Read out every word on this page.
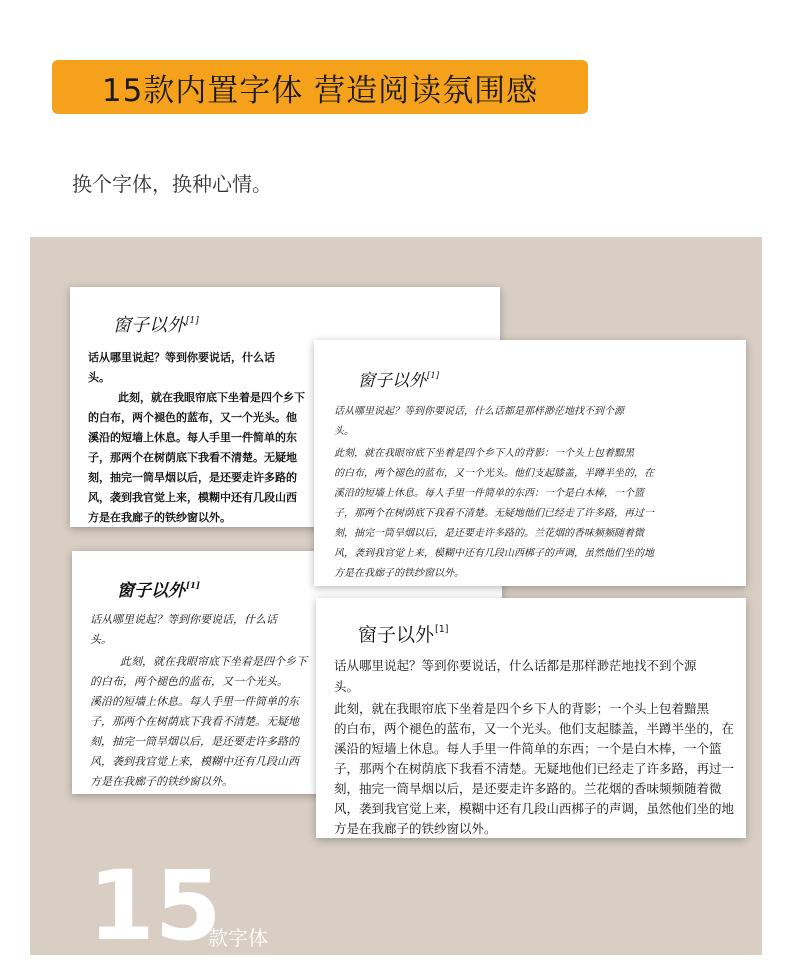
15款内置字体 营造阅读氛围感
换个字体，换种心情。
窗子以外[1]
话从哪里说起？等到你要说话，什么话
头。
此刻，就在我眼帘底下坐着是四个乡下
的白布，两个褪色的蓝布，又一个光头。他
溪沿的短墙上休息。每人手里一件简单的东
子，那两个在树荫底下我看不清楚。无疑地
刻，抽完一筒旱烟以后，是还要走许多路的
风，袭到我官觉上来，模糊中还有几段山西
方是在我廊子的铁纱窗以外。
窗子以外[1]
话从哪里说起？等到你要说话，什么话
头。
此刻，就在我眼帘底下坐着是四个乡下
的白布，两个褪色的蓝布，又一个光头。
溪沿的短墙上休息。每人手里一件简单的东
子，那两个在树荫底下我看不清楚。无疑地
刻，抽完一筒旱烟以后，是还要走许多路的
风，袭到我官觉上来，模糊中还有几段山西
方是在我廊子的铁纱窗以外。
窗子以外[1]
话从哪里说起？等到你要说话，什么话都是那样渺茫地找不到个源
头。
此刻，就在我眼帘底下坐着是四个乡下人的背影：一个头上包着黯黑
的白布，两个褪色的蓝布，又一个光头。他们支起膝盖，半蹲半坐的，在
溪沿的短墙上休息。每人手里一件简单的东西：一个是白木棒，一个篮
子，那两个在树荫底下我看不清楚。无疑地他们已经走了许多路，再过一
刻，抽完一筒旱烟以后，是还要走许多路的。兰花烟的香味频频随着微
风，袭到我官觉上来，模糊中还有几段山西梆子的声调，虽然他们坐的地
方是在我廊子的铁纱窗以外。
窗子以外[1]
话从哪里说起？等到你要说话，什么话都是那样渺茫地找不到个源
头。
此刻，就在我眼帘底下坐着是四个乡下人的背影；一个头上包着黯黑
的白布，两个褪色的蓝布，又一个光头。他们支起膝盖，半蹲半坐的，在
溪沿的短墙上休息。每人手里一件简单的东西；一个是白木棒，一个篮
子，那两个在树荫底下我看不清楚。无疑地他们已经走了许多路，再过一
刻，抽完一筒旱烟以后，是还要走许多路的。兰花烟的香味频频随着微
风，袭到我官觉上来，模糊中还有几段山西梆子的声调，虽然他们坐的地
方是在我廊子的铁纱窗以外。
15
款字体
